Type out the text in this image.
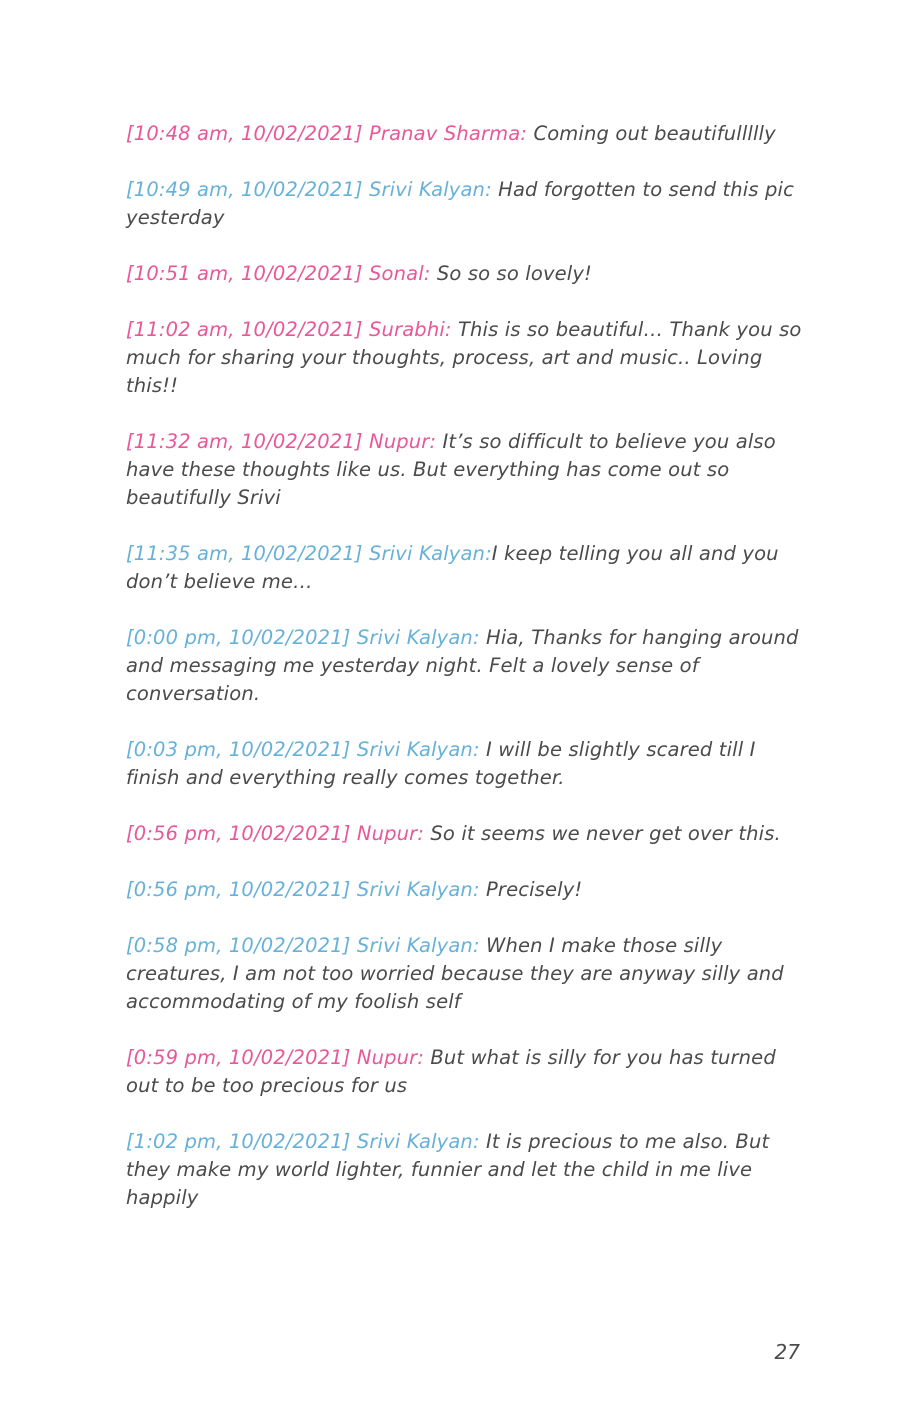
[10:48 am, 10/02/2021] Pranav Sharma: Coming out beautifullllly
[10:49 am, 10/02/2021] Srivi Kalyan: Had forgotten to send this pic yesterday
[10:51 am, 10/02/2021] Sonal: So so so lovely!
[11:02 am, 10/02/2021] Surabhi: This is so beautiful… Thank you so much for sharing your thoughts, process, art and music.. Loving this!!
[11:32 am, 10/02/2021] Nupur: It’s so difficult to believe you also have these thoughts like us. But everything has come out so beautifully Srivi
[11:35 am, 10/02/2021] Srivi Kalyan:I keep telling you all and you don’t believe me…
[0:00 pm, 10/02/2021] Srivi Kalyan: Hia, Thanks for hanging around and messaging me yesterday night. Felt a lovely sense of conversation.
[0:03 pm, 10/02/2021] Srivi Kalyan: I will be slightly scared till I finish and everything really comes together.
[0:56 pm, 10/02/2021] Nupur: So it seems we never get over this.
[0:56 pm, 10/02/2021] Srivi Kalyan: Precisely!
[0:58 pm, 10/02/2021] Srivi Kalyan: When I make those silly creatures, I am not too worried because they are anyway silly and accommodating of my foolish self
[0:59 pm, 10/02/2021] Nupur: But what is silly for you has turned out to be too precious for us
[1:02 pm, 10/02/2021] Srivi Kalyan: It is precious to me also. But they make my world lighter, funnier and let the child in me live happily
27
